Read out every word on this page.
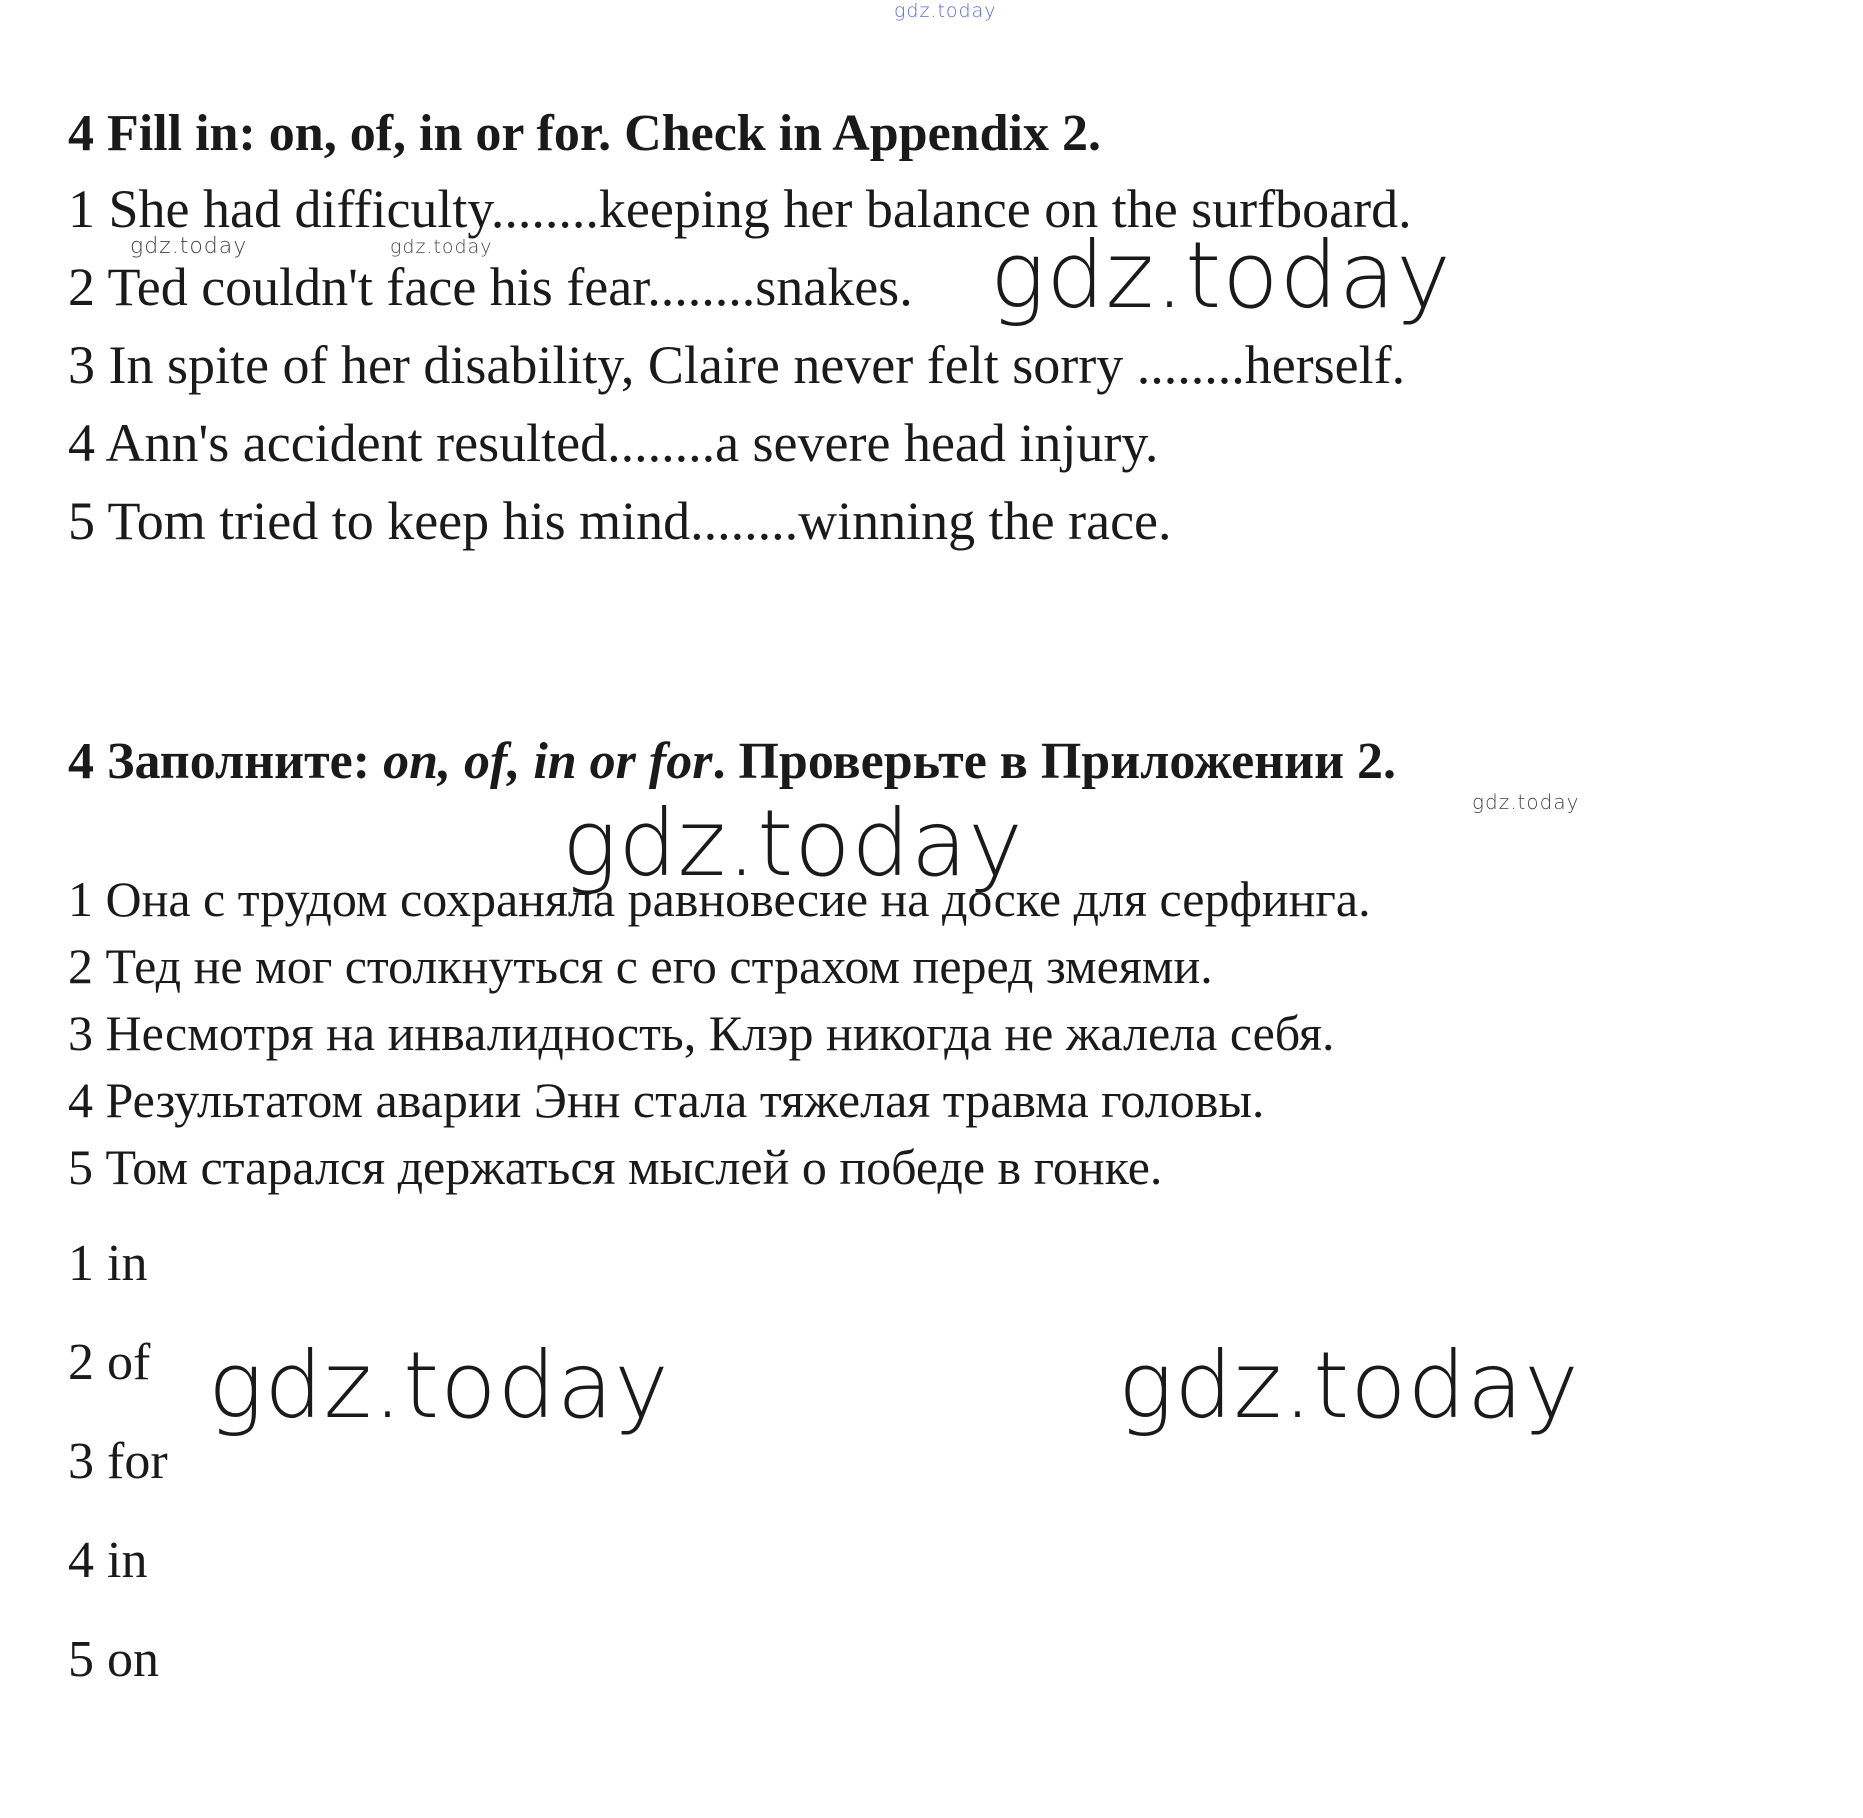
gdz.today
4 Fill in: on, of, in or for. Check in Appendix 2.
1 She had difficulty........keeping her balance on the surfboard.
2 Ted couldn't face his fear........snakes.
3 In spite of her disability, Claire never felt sorry ........herself.
4 Ann's accident resulted........a severe head injury.
5 Tom tried to keep his mind........winning the race.
gdz.today	gdz.today	gdz.today
4 Заполните: on, of, in or for. Проверьте в Приложении 2.
gdz.today
gdz.today
1 Она с трудом сохраняла равновесие на доске для серфинга.
2 Тед не мог столкнуться с его страхом перед змеями.
3 Несмотря на инвалидность, Клэр никогда не жалела себя.
4 Результатом аварии Энн стала тяжелая травма головы.
5 Том старался держаться мыслей о победе в гонке.
1 in
2 of
3 for
4 in
5 on
gdz.today	gdz.today
